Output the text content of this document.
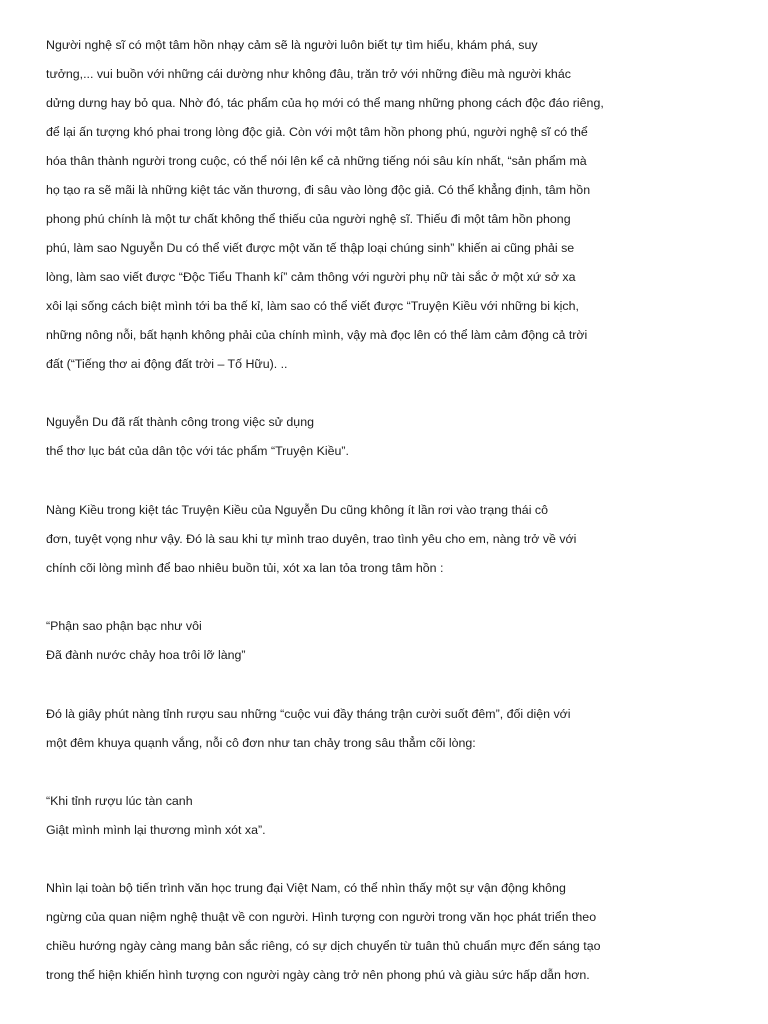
Người nghệ sĩ có một tâm hồn nhạy cảm sẽ là người luôn biết tự tìm hiểu, khám phá, suy
tưởng,... vui buồn với những cái dường như không đâu, trăn trở với những điều mà người khác
dửng dưng hay bỏ qua. Nhờ đó, tác phẩm của họ mới có thể mang những phong cách độc đáo riêng,
để lại ấn tượng khó phai trong lòng độc giả. Còn với một tâm hồn phong phú, người nghệ sĩ có thể
hóa thân thành người trong cuộc, có thể nói lên kể cả những tiếng nói sâu kín nhất, “sản phẩm mà
họ tạo ra sẽ mãi là những kiệt tác văn thương, đi sâu vào lòng độc giả. Có thể khẳng định, tâm hồn
phong phú chính là một tư chất không thể thiếu của người nghệ sĩ. Thiếu đi một tâm hồn phong
phú, làm sao Nguyễn Du có thể viết được một văn tế thập loại chúng sinh” khiến ai cũng phải se
lòng, làm sao viết được “Độc Tiểu Thanh kí” cảm thông với người phụ nữ tài sắc ở một xứ sở xa
xôi lại sống cách biệt mình tới ba thế kỉ, làm sao có thể viết được “Truyện Kiều với những bi kịch,
những nông nỗi, bất hạnh không phải của chính mình, vậy mà đọc lên có thể làm cảm động cả trời
đất (“Tiếng thơ ai động đất trời – Tố Hữu). ..
Nguyễn Du đã rất thành công trong việc sử dụng
thể thơ lục bát của dân tộc với tác phẩm “Truyện Kiều”.
Nàng Kiều trong kiệt tác Truyện Kiều của Nguyễn Du cũng không ít lần rơi vào trạng thái cô
đơn, tuyệt vọng như vậy. Đó là sau khi tự mình trao duyên, trao tình yêu cho em, nàng trở về với
chính cõi lòng mình để bao nhiêu buồn tủi, xót xa lan tỏa trong tâm hồn :
“Phận sao phận bạc như vôi
Đã đành nước chảy hoa trôi lỡ làng”
Đó là giây phút nàng tỉnh rượu sau những “cuộc vui đầy tháng trận cười suốt đêm”, đối diện với
một đêm khuya quạnh vắng, nỗi cô đơn như tan chảy trong sâu thẳm cõi lòng:
“Khi tỉnh rượu lúc tàn canh
Giật mình mình lại thương mình xót xa”.
Nhìn lại toàn bộ tiến trình văn học trung đại Việt Nam, có thể nhìn thấy một sự vận động không
ngừng của quan niệm nghệ thuật về con người. Hình tượng con người trong văn học phát triển theo
chiều hướng ngày càng mang bản sắc riêng, có sự dịch chuyển từ tuân thủ chuẩn mực đến sáng tạo
trong thể hiện khiến hình tượng con người ngày càng trở nên phong phú và giàu sức hấp dẫn hơn.
